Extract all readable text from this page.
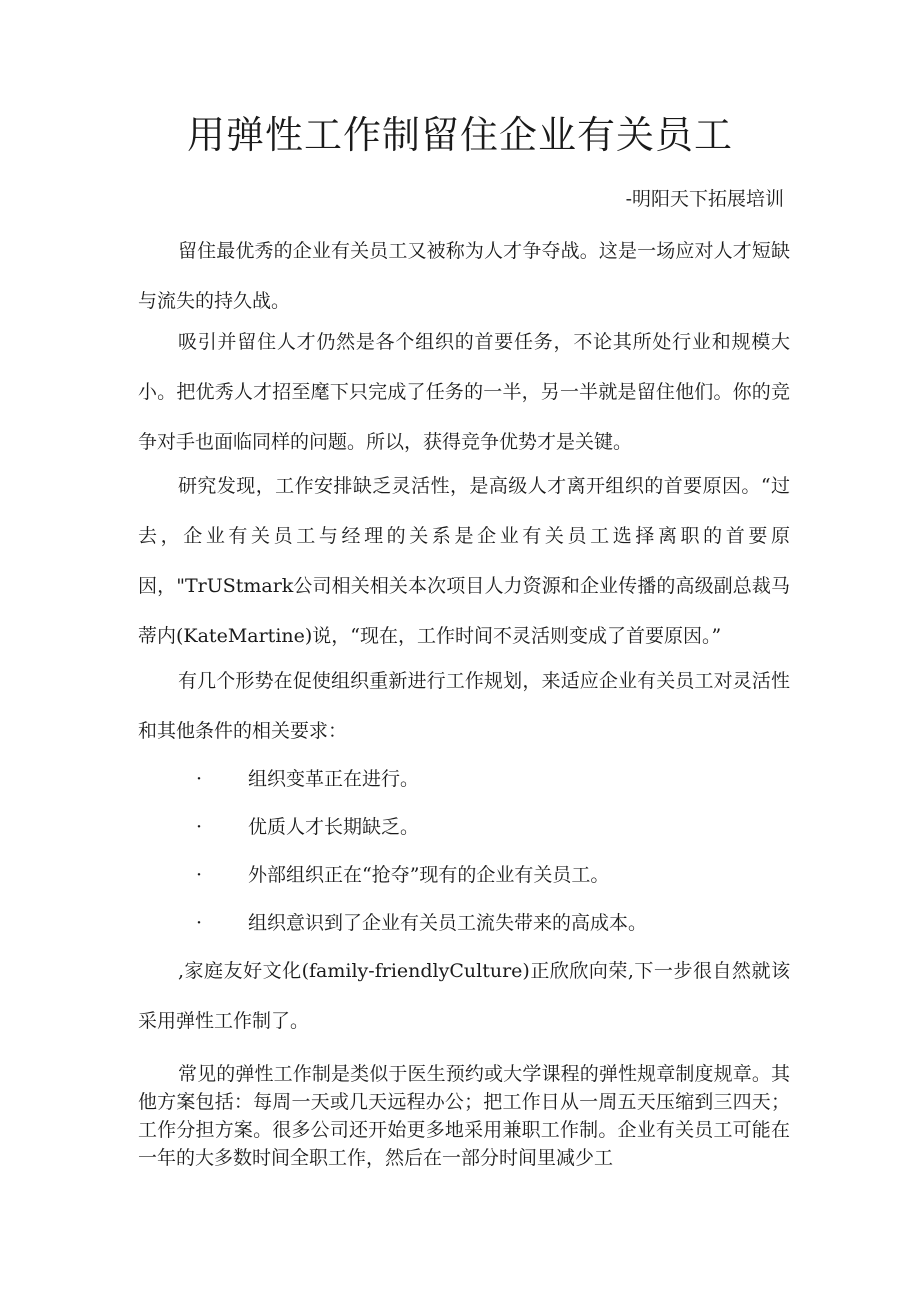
用弹性工作制留住企业有关员工
-明阳天下拓展培训
留住最优秀的企业有关员工又被称为人才争夺战。这是一场应对人才短缺与流失的持久战。
吸引并留住人才仍然是各个组织的首要任务，不论其所处行业和规模大小。把优秀人才招至麾下只完成了任务的一半，另一半就是留住他们。你的竞争对手也面临同样的问题。所以，获得竞争优势才是关键。
研究发现，工作安排缺乏灵活性，是高级人才离开组织的首要原因。“过去，企业有关员工与经理的关系是企业有关员工选择离职的首要原因，"TrUStmark公司相关相关本次项目人力资源和企业传播的高级副总裁马蒂内(KateMartine)说，“现在，工作时间不灵活则变成了首要原因。”
有几个形势在促使组织重新进行工作规划，来适应企业有关员工对灵活性和其他条件的相关要求：
·	组织变革正在进行。
·	优质人才长期缺乏。
·	外部组织正在“抢夺”现有的企业有关员工。
·	组织意识到了企业有关员工流失带来的高成本。
,家庭友好文化(family-friendlyCulture)正欣欣向荣,下一步很自然就该采用弹性工作制了。
常见的弹性工作制是类似于医生预约或大学课程的弹性规章制度规章。其他方案包括：每周一天或几天远程办公；把工作日从一周五天压缩到三四天；工作分担方案。很多公司还开始更多地采用兼职工作制。企业有关员工可能在一年的大多数时间全职工作，然后在一部分时间里减少工
